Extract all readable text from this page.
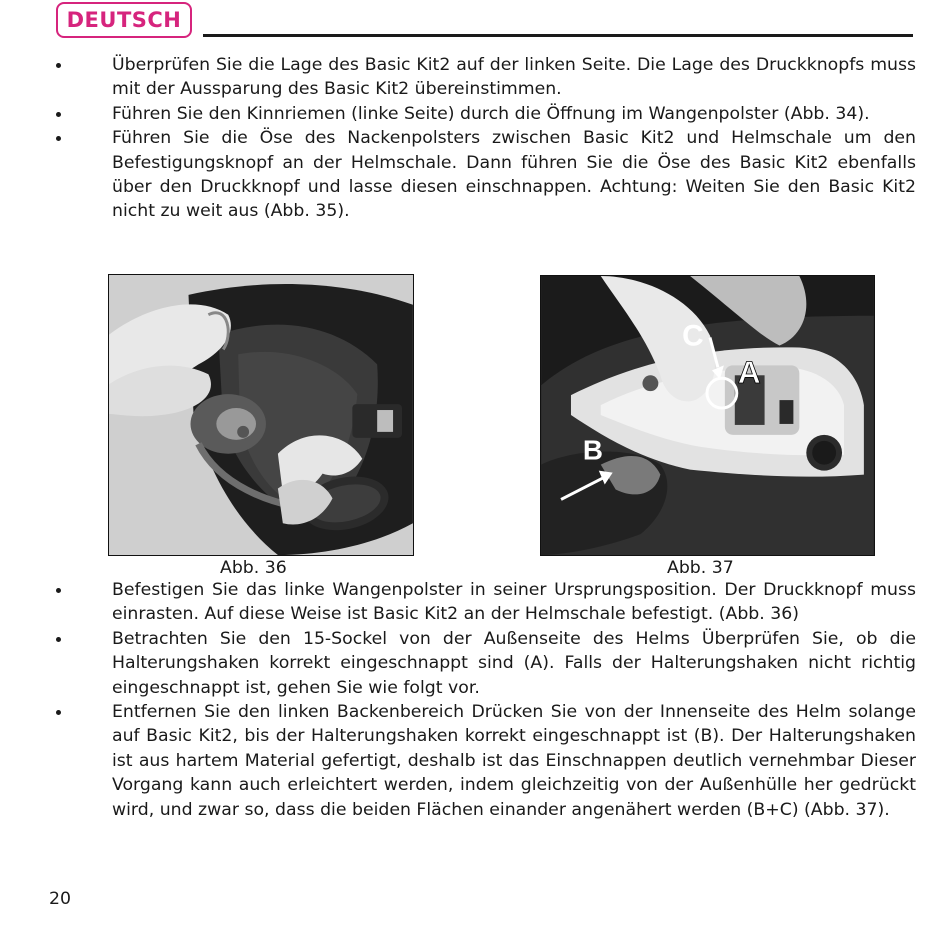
DEUTSCH
Überprüfen Sie die Lage des Basic Kit2 auf der linken Seite. Die Lage des Druckknopfs muss mit der Aussparung des Basic Kit2 übereinstimmen.
Führen Sie den Kinnriemen (linke Seite) durch die Öffnung im Wangenpolster (Abb. 34).
Führen Sie die Öse des Nackenpolsters zwischen Basic Kit2 und Helmschale um den Befestigungsknopf an der Helmschale. Dann führen Sie die Öse des Basic Kit2 ebenfalls über den Druckknopf und lasse diesen einschnappen. Achtung: Weiten Sie den Basic Kit2 nicht zu weit aus (Abb. 35).
C
A
B
Abb. 36	Abb. 37
Befestigen Sie das linke Wangenpolster in seiner Ursprungsposition. Der Druckknopf muss einrasten. Auf diese Weise ist Basic Kit2 an der Helmschale befestigt. (Abb. 36)
Betrachten Sie den 15-Sockel von der Außenseite des Helms Überprüfen Sie, ob die Halterungshaken korrekt eingeschnappt sind (A). Falls der Halterungshaken nicht richtig eingeschnappt ist, gehen Sie wie folgt vor.
Entfernen Sie den linken Backenbereich Drücken Sie von der Innenseite des Helm solange auf Basic Kit2, bis der Halterungshaken korrekt eingeschnappt ist (B). Der Halterungshaken ist aus hartem Material gefertigt, deshalb ist das Einschnappen deutlich vernehmbar Dieser Vorgang kann auch erleichtert werden, indem gleichzeitig von der Außenhülle her gedrückt wird, und zwar so, dass die beiden Flächen einander angenähert werden (B+C) (Abb. 37).
20
